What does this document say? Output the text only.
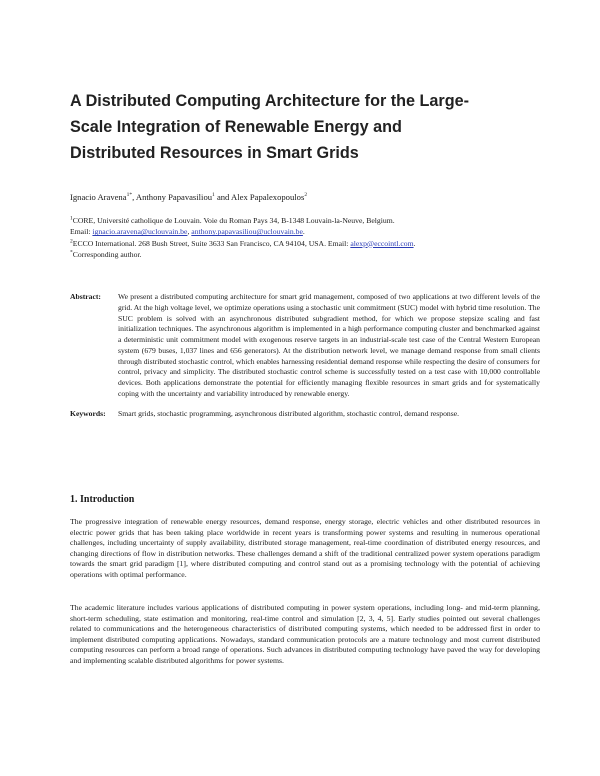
A Distributed Computing Architecture for the Large-
Scale Integration of Renewable Energy and
Distributed Resources in Smart Grids

Ignacio Aravena$^{1*}$, Anthony Papavasiliou$^1$ and Alex Papalexopoulos$^2$

$^1$CORE, Université catholique de Louvain. Voie du Roman Pays 34, B-1348 Louvain-la-Neuve, Belgium.
Email: ignacio.aravena@uclouvain.be, anthony.papavasiliou@uclouvain.be.
$^2$ECCO International. 268 Bush Street, Suite 3633 San Francisco, CA 94104, USA. Email: alexp@eccointl.com.
*Corresponding author.
Abstract:	We present a distributed computing architecture for smart grid management, composed of two applications at two different levels of the grid. At the high voltage level, we optimize operations using a stochastic unit commitment (SUC) model with hybrid time resolution. The SUC problem is solved with an asynchronous distributed subgradient method, for which we propose stepsize scaling and fast initialization techniques. The asynchronous algorithm is implemented in a high performance computing cluster and benchmarked against a deterministic unit commitment model with exogenous reserve targets in an industrial-scale test case of the Central Western European system (679 buses, 1,037 lines and 656 generators). At the distribution network level, we manage demand response from small clients through distributed stochastic control, which enables harnessing residential demand response while respecting the desire of consumers for control, privacy and simplicity. The distributed stochastic control scheme is successfully tested on a test case with 10,000 controllable devices. Both applications demonstrate the potential for efficiently managing flexible resources in smart grids and for systematically coping with the uncertainty and variability introduced by renewable energy.
Keywords:	Smart grids, stochastic programming, asynchronous distributed algorithm, stochastic control, demand response.
1. Introduction

The progressive integration of renewable energy resources, demand response, energy storage, electric vehicles and other distributed resources in electric power grids that has been taking place worldwide in recent years is transforming power systems and resulting in numerous operational challenges, including uncertainty of supply availability, distributed storage management, real-time coordination of distributed energy resources, and changing directions of flow in distribution networks. These challenges demand a shift of the traditional centralized power system operations paradigm towards the smart grid paradigm [1], where distributed computing and control stand out as a promising technology with the potential of achieving operations with optimal performance.

The academic literature includes various applications of distributed computing in power system operations, including long- and mid-term planning, short-term scheduling, state estimation and monitoring, real-time control and simulation [2, 3, 4, 5]. Early studies pointed out several challenges related to communications and the heterogeneous characteristics of distributed computing systems, which needed to be addressed first in order to implement distributed computing applications. Nowadays, standard communication protocols are a mature technology and most current distributed computing resources can perform a broad range of operations. Such advances in distributed computing technology have paved the way for developing and implementing scalable distributed algorithms for power systems.
